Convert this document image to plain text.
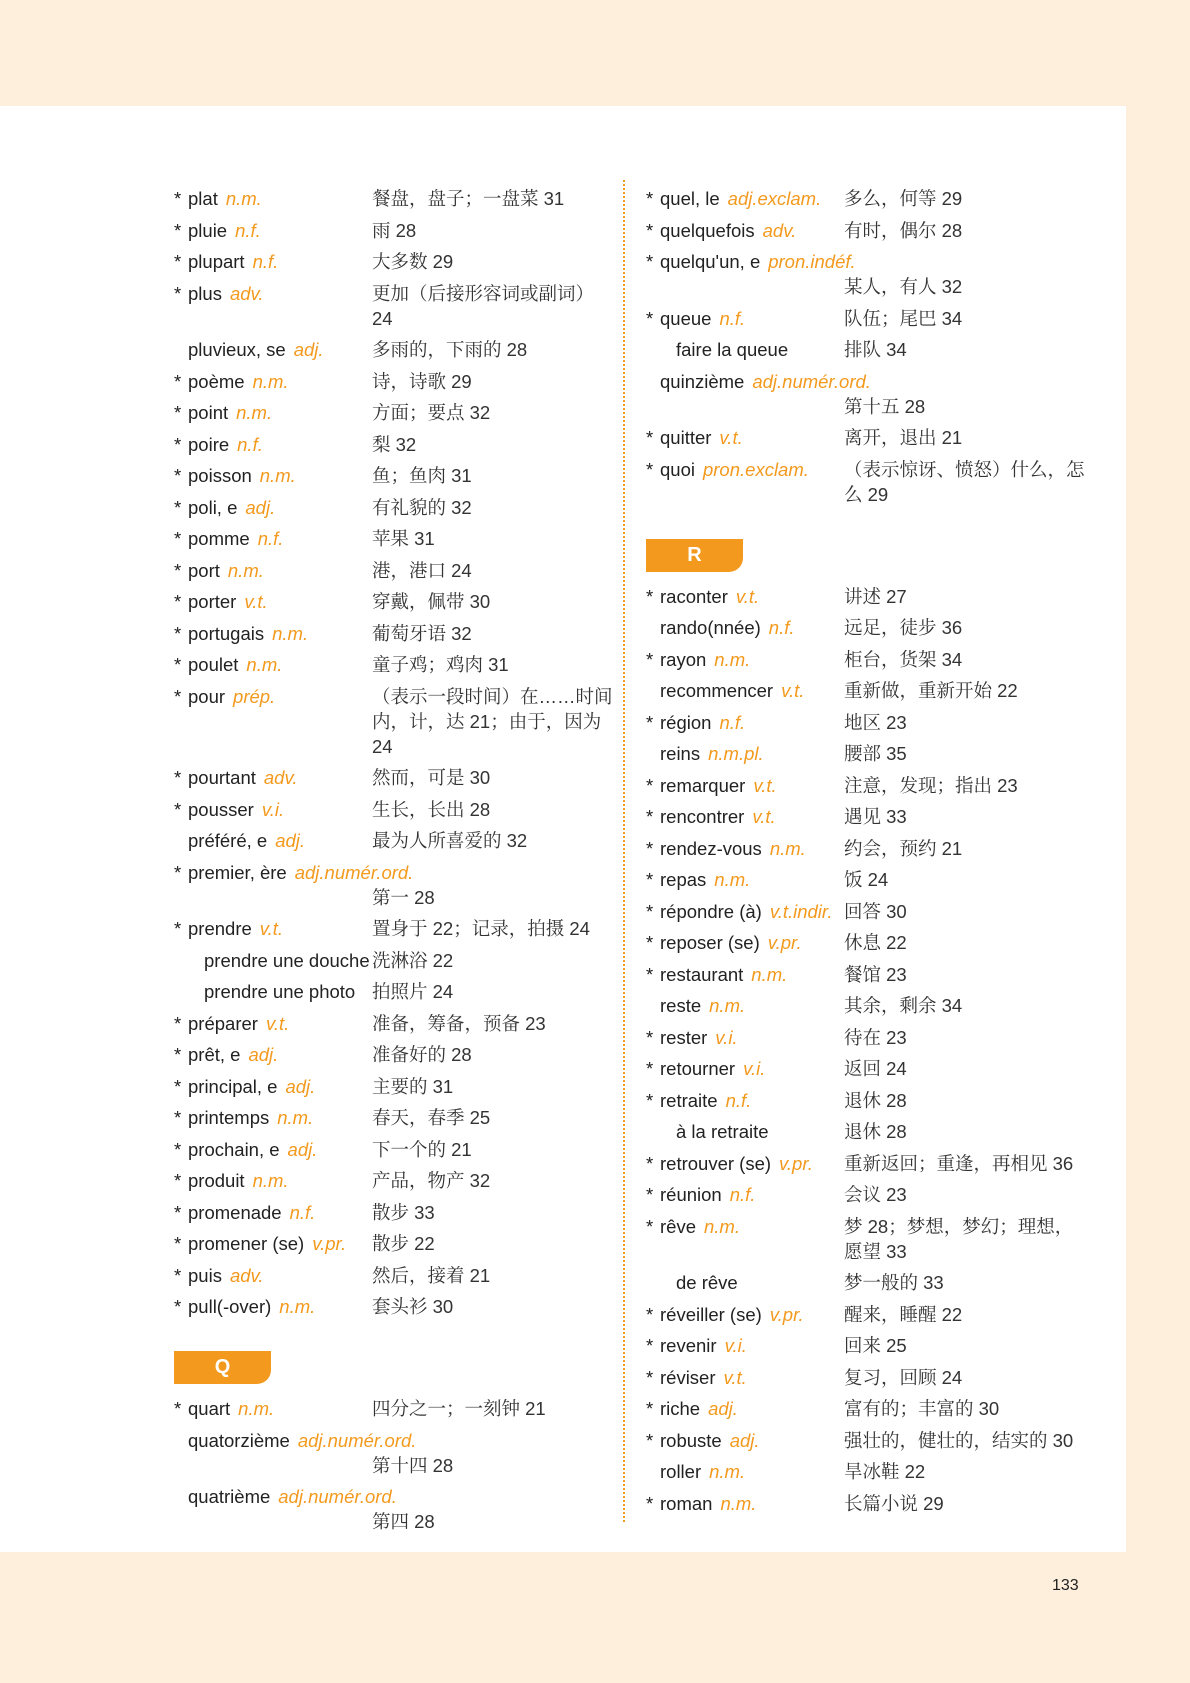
* plat n.m.	餐盘，盘子；一盘菜 31
* pluie n.f.	雨 28
* plupart n.f.	大多数 29
* plus adv.	更加（后接形容词或副词）24
pluvieux, se adj.	多雨的，下雨的 28
* poème n.m.	诗，诗歌 29
* point n.m.	方面；要点 32
* poire n.f.	梨 32
* poisson n.m.	鱼；鱼肉 31
* poli, e adj.	有礼貌的 32
* pomme n.f.	苹果 31
* port n.m.	港，港口 24
* porter v.t.	穿戴，佩带 30
* portugais n.m.	葡萄牙语 32
* poulet n.m.	童子鸡；鸡肉 31
* pour prép.	（表示一段时间）在……时间内，计，达 21；由于，因为 24
* pourtant adv.	然而，可是 30
* pousser v.i.	生长，长出 28
préféré, e adj.	最为人所喜爱的 32
* premier, ère adj.numér.ord.
第一 28
* prendre v.t.	置身于 22；记录，拍摄 24
prendre une douche 洗淋浴 22
prendre une photo 拍照片 24
* préparer v.t.	准备，筹备，预备 23
* prêt, e adj.	准备好的 28
* principal, e adj.	主要的 31
* printemps n.m.	春天，春季 25
* prochain, e adj.	下一个的 21
* produit n.m.	产品，物产 32
* promenade n.f.	散步 33
* promener (se) v.pr.	散步 22
* puis adv.	然后，接着 21
* pull(-over) n.m.	套头衫 30
Q
* quart n.m.	四分之一；一刻钟 21
quatorzième adj.numér.ord.
第十四 28
quatrième adj.numér.ord.
第四 28
* quel, le adj.exclam.	多么，何等 29
* quelquefois adv.	有时，偶尔 28
* quelqu'un, e pron.indéf.
某人，有人 32
* queue n.f.	队伍；尾巴 34
faire la queue	排队 34
quinzième adj.numér.ord.
第十五 28
* quitter v.t.	离开，退出 21
* quoi pron.exclam.	（表示惊讶、愤怒）什么，怎么 29
R
* raconter v.t.	讲述 27
rando(nnée) n.f.	远足，徒步 36
* rayon n.m.	柜台，货架 34
recommencer v.t.	重新做，重新开始 22
* région n.f.	地区 23
reins n.m.pl.	腰部 35
* remarquer v.t.	注意，发现；指出 23
* rencontrer v.t.	遇见 33
* rendez-vous n.m.	约会，预约 21
* repas n.m.	饭 24
* répondre (à) v.t.indir. 回答 30
* reposer (se) v.pr.	休息 22
* restaurant n.m.	餐馆 23
reste n.m.	其余，剩余 34
* rester v.i.	待在 23
* retourner v.i.	返回 24
* retraite n.f.	退休 28
à la retraite	退休 28
* retrouver (se) v.pr.	重新返回；重逢，再相见 36
* réunion n.f.	会议 23
* rêve n.m.	梦 28；梦想，梦幻；理想，愿望 33
de rêve	梦一般的 33
* réveiller (se) v.pr.	醒来，睡醒 22
* revenir v.i.	回来 25
* réviser v.t.	复习，回顾 24
* riche adj.	富有的；丰富的 30
* robuste adj.	强壮的，健壮的，结实的 30
roller n.m.	旱冰鞋 22
* roman n.m.	长篇小说 29
133
